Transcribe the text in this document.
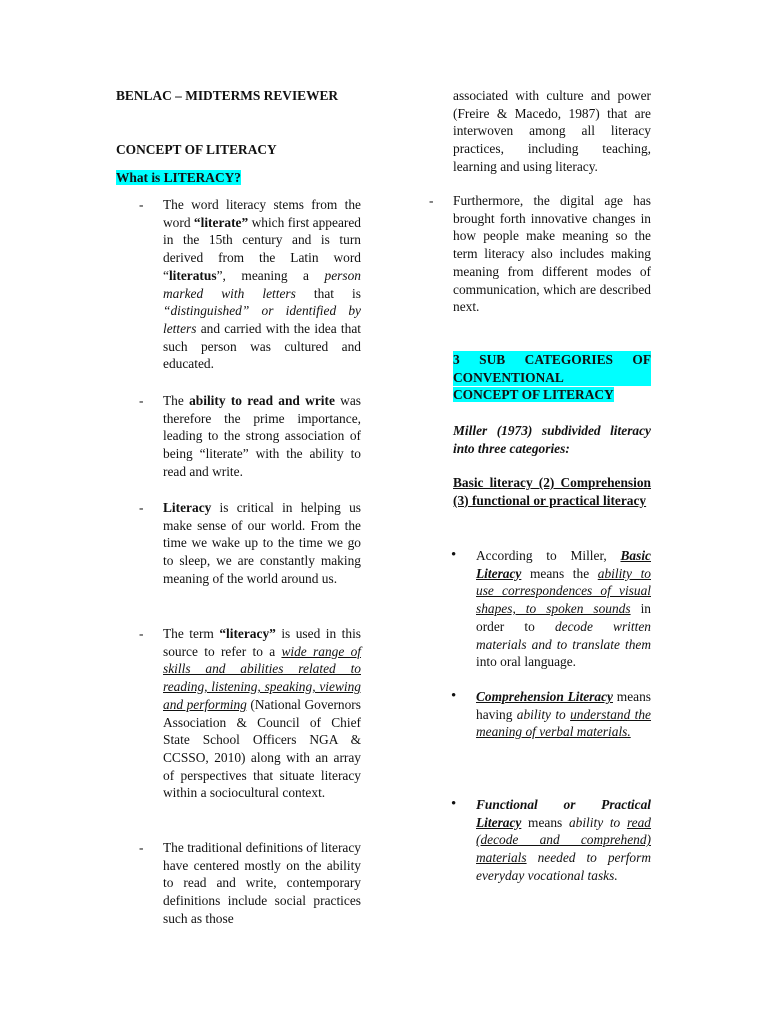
BENLAC – MIDTERMS REVIEWER
CONCEPT OF LITERACY
What is LITERACY?
- The word literacy stems from the word “literate” which first appeared in the 15th century and is turn derived from the Latin word “literatus”, meaning a person marked with letters that is “distinguished” or identified by letters and carried with the idea that such person was cultured and educated.
- The ability to read and write was therefore the prime importance, leading to the strong association of being “literate” with the ability to read and write.
- Literacy is critical in helping us make sense of our world. From the time we wake up to the time we go to sleep, we are constantly making meaning of the world around us.
- The term “literacy” is used in this source to refer to a wide range of skills and abilities related to reading, listening, speaking, viewing and performing (National Governors Association & Council of Chief State School Officers NGA & CCSSO, 2010) along with an array of perspectives that situate literacy within a sociocultural context.
- The traditional definitions of literacy have centered mostly on the ability to read and write, contemporary definitions include social practices such as those
associated with culture and power (Freire & Macedo, 1987) that are interwoven among all literacy practices, including teaching, learning and using literacy.
- Furthermore, the digital age has brought forth innovative changes in how people make meaning so the term literacy also includes making meaning from different modes of communication, which are described next.
3 SUB CATEGORIES OF CONVENTIONAL
CONCEPT OF LITERACY
Miller (1973) subdivided literacy into three categories:
Basic literacy (2) Comprehension (3) functional or practical literacy
• According to Miller, Basic Literacy means the ability to use correspondences of visual shapes, to spoken sounds in order to decode written materials and to translate them into oral language.
• Comprehension Literacy means having ability to understand the meaning of verbal materials.
• Functional or Practical Literacy means ability to read (decode and comprehend) materials needed to perform everyday vocational tasks.
